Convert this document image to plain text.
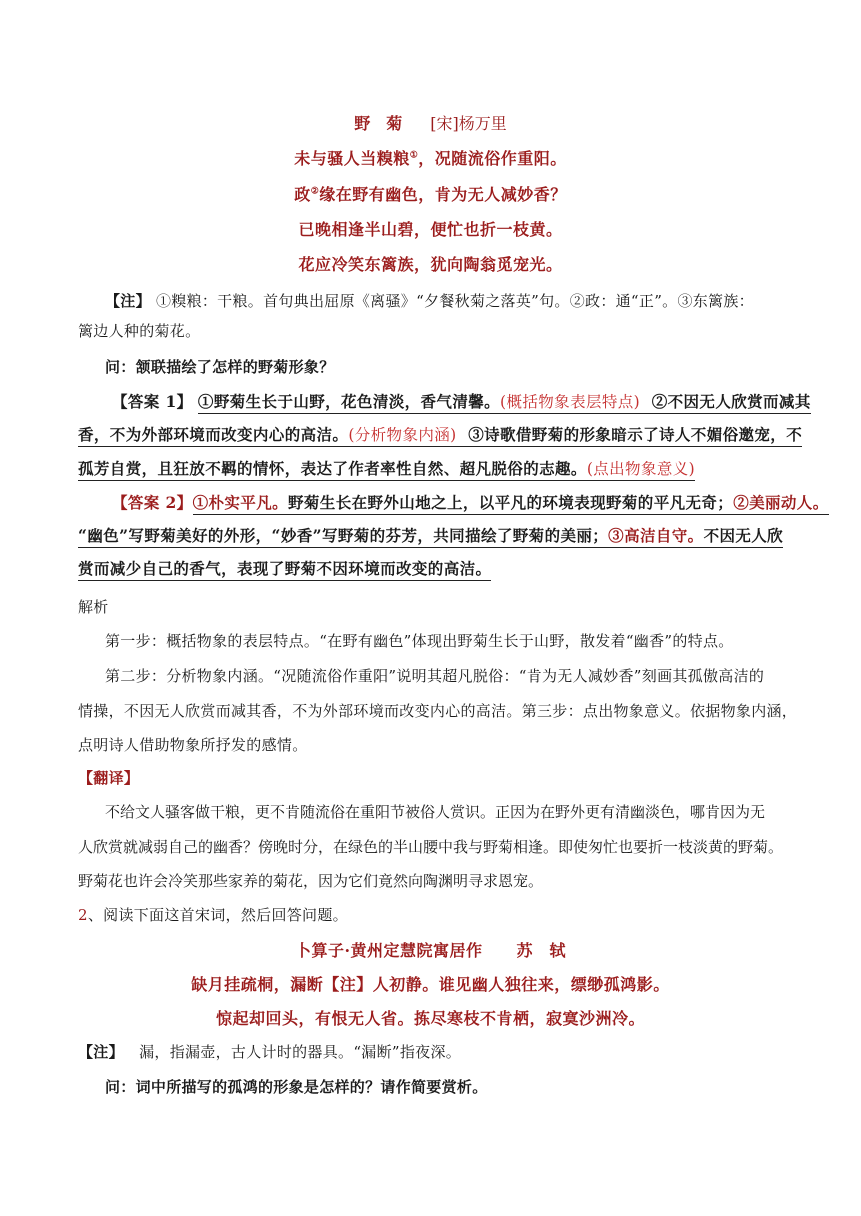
野　菊 [宋]杨万里
未与骚人当糗粮①，况随流俗作重阳。
政②缘在野有幽色，肯为无人减妙香？
已晚相逢半山碧，便忙也折一枝黄。
花应冷笑东篱族，犹向陶翁觅宠光。
【注】 ①糗粮：干粮。首句典出屈原《离骚》“夕餐秋菊之落英”句。②政：通“正”。③东篱族：
篱边人种的菊花。
问：颔联描绘了怎样的野菊形象？
【答案 1】 ①野菊生长于山野，花色清淡，香气清馨。(概括物象表层特点) ②不因无人欣赏而减其
香，不为外部环境而改变内心的高洁。(分析物象内涵) ③诗歌借野菊的形象暗示了诗人不媚俗邀宠，不
孤芳自赏，且狂放不羁的情怀，表达了作者率性自然、超凡脱俗的志趣。(点出物象意义)
【答案 2】①朴实平凡。野菊生长在野外山地之上，以平凡的环境表现野菊的平凡无奇；②美丽动人。
“幽色”写野菊美好的外形，“妙香”写野菊的芬芳，共同描绘了野菊的美丽；③高洁自守。不因无人欣
赏而减少自己的香气，表现了野菊不因环境而改变的高洁。
解析
第一步：概括物象的表层特点。“在野有幽色”体现出野菊生长于山野，散发着“幽香”的特点。
第二步：分析物象内涵。“况随流俗作重阳”说明其超凡脱俗：“肯为无人减妙香”刻画其孤傲高洁的
情操，不因无人欣赏而减其香，不为外部环境而改变内心的高洁。第三步：点出物象意义。依据物象内涵，
点明诗人借助物象所抒发的感情。
【翻译】
不给文人骚客做干粮，更不肯随流俗在重阳节被俗人赏识。正因为在野外更有清幽淡色，哪肯因为无
人欣赏就减弱自己的幽香？傍晚时分，在绿色的半山腰中我与野菊相逢。即使匆忙也要折一枝淡黄的野菊。
野菊花也许会冷笑那些家养的菊花，因为它们竟然向陶渊明寻求恩宠。
2、阅读下面这首宋词，然后回答问题。
卜算子·黄州定慧院寓居作 苏　轼
缺月挂疏桐，漏断【注】人初静。谁见幽人独往来，缥缈孤鸿影。
惊起却回头，有恨无人省。拣尽寒枝不肯栖，寂寞沙洲冷。
【注】 漏，指漏壶，古人计时的器具。“漏断”指夜深。
问：词中所描写的孤鸿的形象是怎样的？请作简要赏析。
